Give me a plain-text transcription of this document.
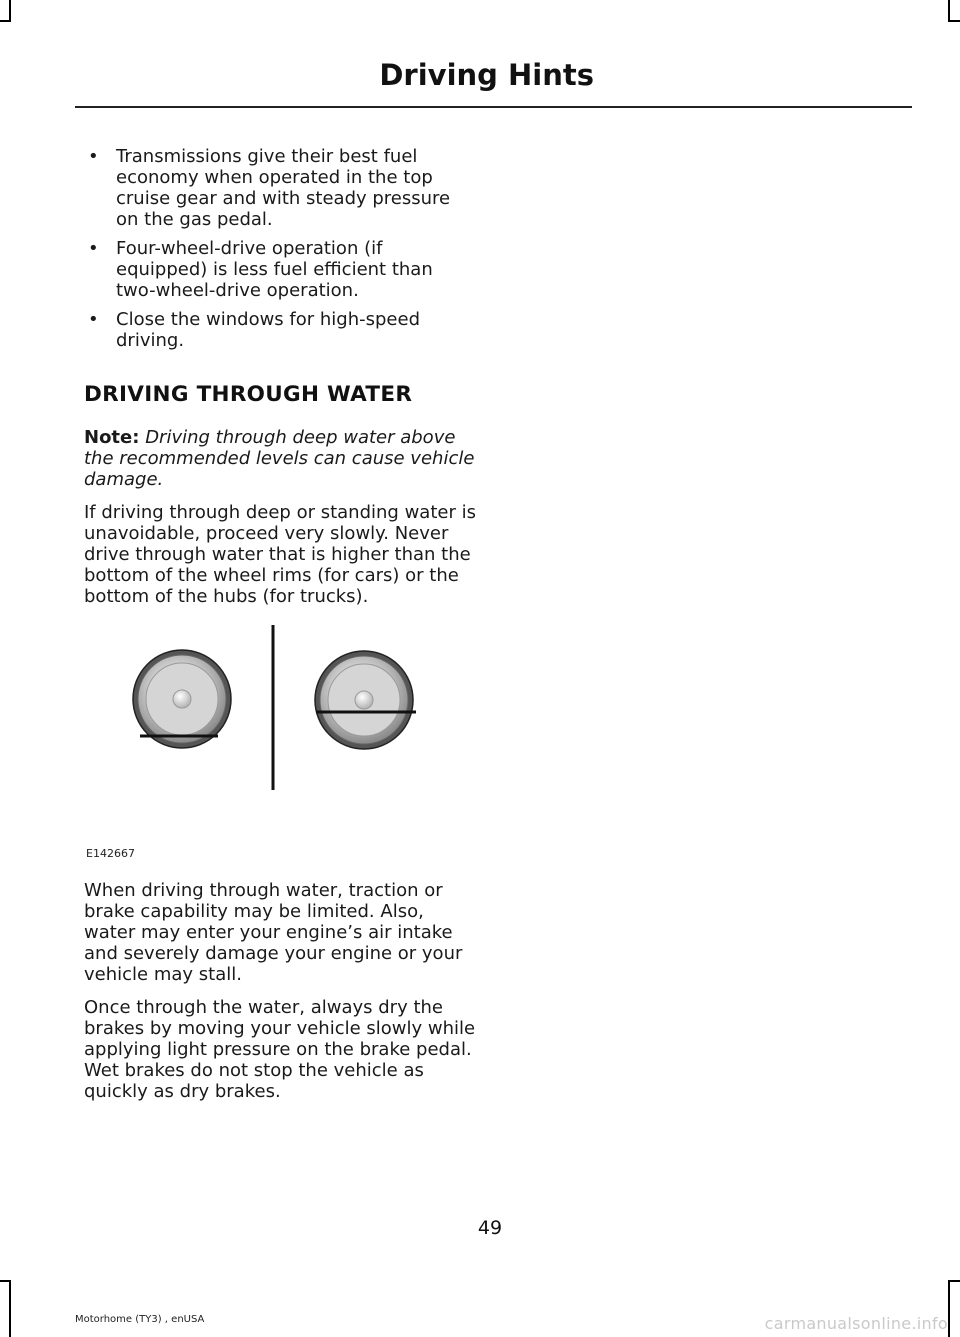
Driving Hints
• Transmissions give their best fuel economy when operated in the top cruise gear and with steady pressure on the gas pedal.
• Four-wheel-drive operation (if equipped) is less fuel efficient than two-wheel-drive operation.
• Close the windows for high-speed driving.
DRIVING THROUGH WATER

Note: Driving through deep water above the recommended levels can cause vehicle damage.

If driving through deep or standing water is unavoidable, proceed very slowly. Never drive through water that is higher than the bottom of the wheel rims (for cars) or the bottom of the hubs (for trucks).

E142667

When driving through water, traction or brake capability may be limited. Also, water may enter your engine’s air intake and severely damage your engine or your vehicle may stall.

Once through the water, always dry the brakes by moving your vehicle slowly while applying light pressure on the brake pedal. Wet brakes do not stop the vehicle as quickly as dry brakes.

49
Motorhome (TY3) , enUSA	carmanualsonline.info
